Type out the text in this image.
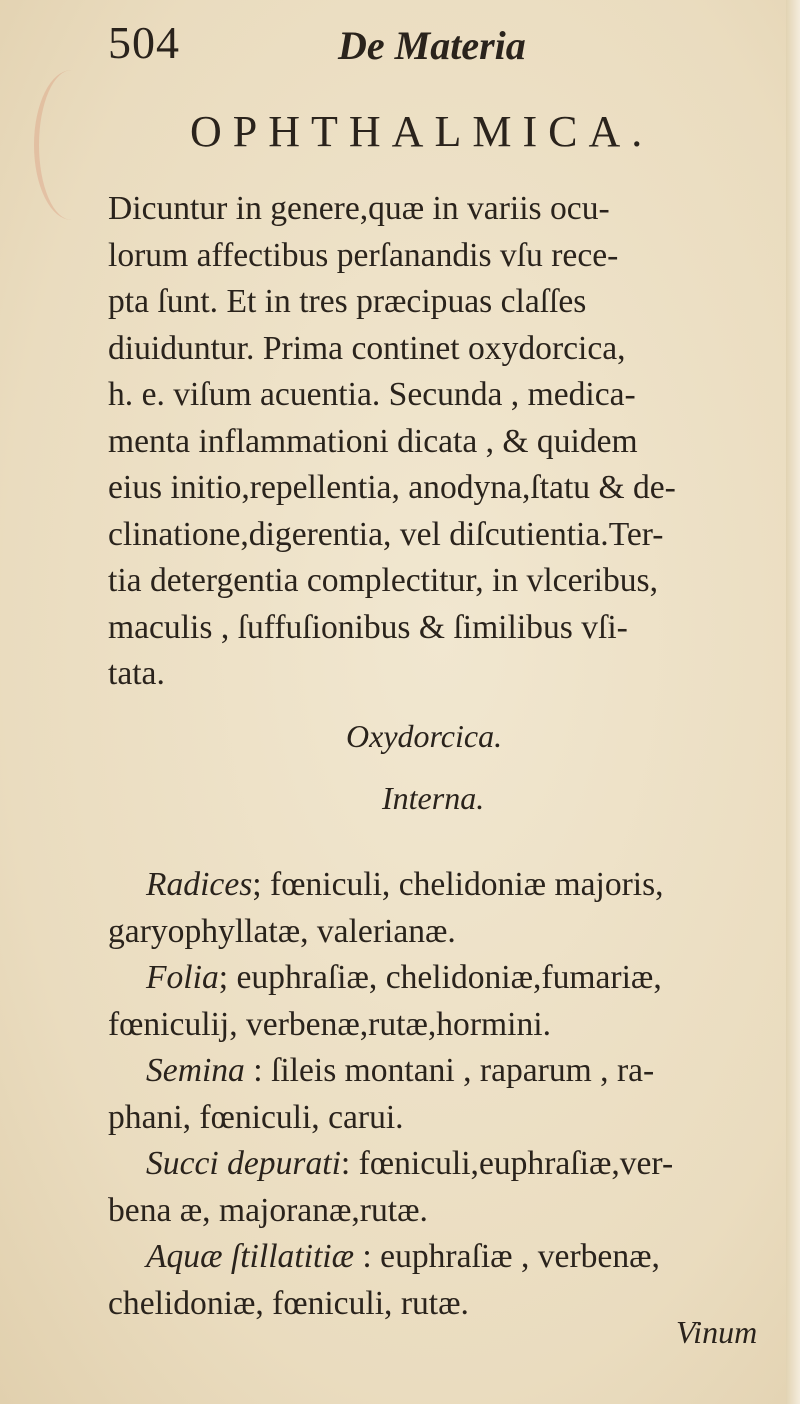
504	De Materia
OPHTHALMICA.
Dicuntur in genere,quæ in variis ocu-
lorum affectibus perſanandis vſu rece-
pta ſunt. Et in tres præcipuas claſſes
diuiduntur. Prima continet oxydorcica,
h. e. viſum acuentia. Secunda , medica-
menta inflammationi dicata , & quidem
eius initio,repellentia, anodyna,ſtatu & de-
clinatione,digerentia, vel diſcutientia.Ter-
tia detergentia complectitur, in vlceribus,
maculis , ſuffuſionibus & ſimilibus vſi-
tata.
Oxydorcica.
Interna.
Radices; fœniculi, chelidoniæ majoris,
garyophyllatæ, valerianæ.
Folia; euphraſiæ, chelidoniæ,fumariæ,
fœniculij, verbenæ,rutæ,hormini.
Semina : ſileis montani , raparum , ra-
phani, fœniculi, carui.
Succi depurati: fœniculi,euphraſiæ,ver-
bena æ, majoranæ,rutæ.
Aquæ ſtillatitiæ : euphraſiæ , verbenæ,
chelidoniæ, fœniculi, rutæ.
Vinum
